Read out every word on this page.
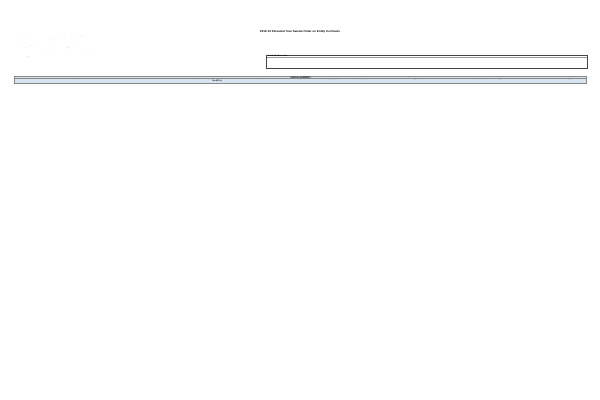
2012-13 Financial Year Senate Order on Entity Contracts

This report has been prepared in accordance with the Senate Order for entity contracts (as amended) for the reporting period and lists contracts entered into with a value of $100,000 or more

It includes contracts which were in effect as at the end of the reporting period

Some of the contracts listed contain provisions that are confidential or have been identified as commercially sensitive information

The reasons for confidentiality are listed against each contract in the report

Information regarding the contract is provided in accordance with the Senate Order and entity guidance

Contract values shown are GST inclusive where applicable

These contracts have been listed in accordance with the requirements of the Senate Order (Procurement Connected Policy Guidance)

Estimated cost of complying with this order is $0.00

Confidentiality Reason Codes
(i) Public interest immunity	Disclosure would harm the public interest or national security
(ii) Intellectual property	Disclosure would reveal the contractor's intellectual property or commercial-in-confidence terms
(iii) Commercial information	Disclosure would reveal commercially sensitive pricing information
(iv) Privacy and personal information	Disclosure would reveal personal information protected under the Privacy Act
(v) Other reasons	Disclosure would reveal information of a kind that is exempt from publication
(vi) Not applicable	The contract does not contain any confidentiality provisions
FINANCIAL AGREEMENTS
Contractor/Recipient	Contract Number	Currency	Amount/Contract Value (GST inc)
Start Date	Anticipated End Date	Does the contract contain provisions requiring the parties to maintain confidentiality of any of its provisions	Reason(s)	Are any other provisions of the contract regarded as confidential	Reason(s)
ABORIGINAL & ISLANDER SUPPORT PTY LTD	FA - Indig Land Fund Provision	$	3,212,314.00	01/07/2012	30/06/2016	No	No
TORRES STRAIT REGIONAL AUTHORITY	FA - Indig Land Fund Provision	$	791,223.45	01/07/2012	30/06/2015	No	No
WESTERN LAND COUNCIL	FA - Indig Land Fund Provision	$	540,911.00	01/08/2012	31/12/2013	No	No
KIMBERLEY LAND COUNCIL	FA - Indig Land Fund Provision	$	430,500.00	15/08/2012	30/06/2013	No	No
NGAANYATJARRA ABORIGINAL CORPORATION	FA - Indig Land Fund Provision	$	395,800.00	01/09/2012	30/06/2014	No	No
ABORIGINAL AND TORRES STRAIT ISLANDER CORPORATION LIMITED	FA - Indig Land Fund Provision	$	350,000.00	01/09/2012	31/12/2013	No	No
YAWURU NATIVE TITLE HOLDERS CORPORATION	FA - Indig Land Fund Provision	$	320,100.00	01/10/2012	30/06/2014	No	No
BUNURONG LAND COUNCIL ABORIGINAL CORPORATION	Aboriginal Land Fund Provision	$	300,000.00	01/10/2012	30/06/2013	No	No
ISLAND COMMUNITY ASSOCIATION INC	FA - Indig Land Fund Provision	$	285,400.00	15/10/2012	31/12/2013	No	No
REEF AMERICAN HUB HOLDINGS PTY LTD	FA - Indig Land Fund Provision	$	270,000.00	01/11/2012	30/06/2014	No	No
THE BARKELY LAND PROGRAM CORPORATION	FA - Indig Land Fund Provision	$	255,750.00	01/11/2012	30/06/2013	No	No
TIWI ISLANDS REGIONAL COUNCIL	FA - Indig Land Fund Provision	$	240,000.00	15/11/2012	31/12/2013	No	No
YOLNGU PTY LTD	FA - Indig Land Fund Provision	$	230,600.00	01/12/2012	30/06/2014	No	No
CAPE YORK DEVELOPMENT CORPORATION	FA - Indig Land Fund Provision	$	218,400.00	01/12/2012	30/06/2013	No	No
NGARRINDJERI REGIONAL AUTHORITY INC	FA - Indig Land Fund Provision	$	205,000.00	15/12/2012	31/12/2013	No	No
GOLDFIELDS LAND AND SEA COUNCIL	FA - Indig Land Fund Provision	$	198,250.00	07/01/2013	30/06/2014	No	No
GUNDITJ MIRRING TRADITIONAL OWNERS ABORIGINAL CORPORATION	FA - Indig Land Fund Provision	$	190,000.00	07/01/2013	30/06/2013	No	No
NORTH QUEENSLAND LAND COUNCIL	FA - Indig Land Fund Provision	$	185,300.00	14/01/2013	31/12/2013	No	No
MURRAY LOWER DARLING RIVERS INDIGENOUS NATIONS	FA - Indig Land Fund Provision	$	178,900.00	21/01/2013	30/06/2014	No	No
WUNAMBAL GAAMBERA ABORIGINAL CORPORATION	FA - Indig Land Fund Provision	$	172,000.00	01/02/2013	30/06/2013	No	No
QUEENSLAND SOUTH NATIVE TITLE SERVICES	FA - Indig Land Fund Provision	$	165,750.00	01/02/2013	31/12/2013	No	No
ARNHEM LAND PROGRESS ABORIGINAL CORPORATION	FA - Indig Land Fund Provision	$	160,000.00	11/02/2013	30/06/2014	No	No
CENTRAL LAND COUNCIL	FA - Indig Land Fund Provision	$	155,200.00	18/02/2013	30/06/2013	No	No
NORTHERN LAND COUNCIL	FA - Indig Land Fund Provision	$	150,000.00	25/02/2013	31/12/2013	No	No
YAMATJI MARLPA ABORIGINAL CORPORATION	FA - Indig Land Fund Provision	$	146,800.00	04/03/2013	30/06/2014	No	No
SOUTH WEST ABORIGINAL LAND AND SEA COUNCIL	FA - Indig Land Fund Provision	$	142,500.00	04/03/2013	30/06/2013	No	No
NTSCORP LIMITED	FA - Indig Land Fund Provision	$	138,000.00	11/03/2013	31/12/2013	No	No
NATIVE TITLE SERVICES VICTORIA LIMITED	FA - Indig Land Fund Provision	$	134,650.00	18/03/2013	30/06/2014	No	No
TORRES STRAIT ISLAND REGIONAL COUNCIL	FA - Indig Land Fund Provision	$	130,000.00	25/03/2013	30/06/2013	No	No
ABORIGINAL LEGAL RIGHTS MOVEMENT INC	FA - Indig Land Fund Provision	$	127,300.00	02/04/2013	31/12/2013	No	No
CARPENTARIA LAND COUNCIL ABORIGINAL CORPORATION	FA - Indig Land Fund Provision	$	124,000.00	08/04/2013	30/06/2014	No	No
NYAMBA BURU YAWURU LIMITED	FA - Indig Land Fund Provision	$	121,450.00	15/04/2013	30/06/2013	No	No
WANGKA MAYA PILBARA ABORIGINAL LANGUAGE CENTRE	FA - Indig Land Fund Provision	$	118,000.00	22/04/2013	31/12/2013	No	No
BALKANU CAPE YORK DEVELOPMENT CORPORATION	FA - Indig Land Fund Provision	$	115,600.00	29/04/2013	30/06/2014	No	No
THE TRUSTEE FOR THE YAWURU PBC TRUST	FA - Indig Land Fund Provision	$	112,900.00	06/05/2013	30/06/2013	No	No
MIRIUWUNG GAJERRONG CORPORATION	FA - Indig Land Fund Provision	$	110,000.00	13/05/2013	31/12/2013	No	No
BARDI JAWI NIIMIDIMAN ABORIGINAL CORPORATION	FA - Indig Land Fund Provision	$	108,250.00	20/05/2013	30/06/2014	No	No
DHIMURRU ABORIGINAL CORPORATION	FA - Indig Land Fund Provision	$	106,400.00	27/05/2013	30/06/2013	No	No
ANINDILYAKWA LAND COUNCIL	FA - Indig Land Fund Provision	$	105,000.00	03/06/2013	31/12/2013	No	No
WARLPIRI EDUCATION AND TRAINING TRUST	FA - Indig Land Fund Provision	$	103,800.00	10/06/2013	30/06/2014	No	No
KURA YERLO INCORPORATED	FA - Indig Land Fund Provision	$	102,600.00	17/06/2013	30/06/2013	No	No
MARDU PTY LTD	FA - Indig Land Fund Provision	$	101,900.00	17/06/2013	31/12/2013	No	No
NGAANYATJARRA PITJANTJATJARA YANKUNYTJATJARA WOMEN'S COUNCIL	FA - Indig Land Fund Provision	$	101,250.00	24/06/2013	30/06/2014	No	No
ABORIGINAL HOSTELS LIMITED	FA - Indig Land Fund Provision	$	100,800.00	24/06/2013	30/06/2013	No	No
INDIGENOUS BUSINESS AUSTRALIA	FA - Indig Land Fund Provision	$	100,500.00	25/06/2013	31/12/2013	No	No
COUNCIL FOR ABORIGINAL RECONCILIATION FOUNDATION	FA - Indig Land Fund Provision	$	100,300.00	26/06/2013	30/06/2014	No	No
YORTA YORTA NATION ABORIGINAL CORPORATION	FA - Indig Land Fund Provision	$	100,200.00	27/06/2013	30/06/2013	No	No
WURUNDJERI TRIBE LAND AND COMPENSATION CULTURAL HERITAGE COUNCIL	FA - Indig Land Fund Provision	$	100,100.00	28/06/2013	31/12/2013	No	No
GURANG LAND COUNCIL ABORIGINAL CORPORATION	FA - Indig Land Fund Provision	$	100,000.00	28/06/2013	30/06/2014	No	No
ANANGU PITJANTJATJARA YANKUNYTJATJARA	FA - Indig Land Fund Provision	$	100,000.00	28/06/2013	30/06/2013	No	No
FIRST PEOPLES DISABILITY NETWORK	FA - Indig Land Fund Provision	$	100,000.00	29/06/2013	31/12/2013	No	No
KARADJERI TRADITIONAL LANDS ASSOCIATION	FA - Indig Land Fund Provision	$	100,000.00	29/06/2013	30/06/2014	No	No
BUNDJALUNG OF BYRON BAY ABORIGINAL CORPORATION	FA - Indig Land Fund Provision	$	100,000.00	29/06/2013	30/06/2013	No	No
DJABUGAY NATIVE TITLE ABORIGINAL CORPORATION	FA - Indig Land Fund Provision	$	100,000.00	30/06/2013	31/12/2013	No	No
GIMUY WALUBARA YIDINJI ABORIGINAL CORPORATION	FA - Indig Land Fund Provision	$	100,000.00	30/06/2013	30/06/2014	No	No
KULLILLI BULLOO RIVER ABORIGINAL CORPORATION	FA - Indig Land Fund Provision	$	100,000.00	30/06/2013	30/06/2013	No	No
MALGANA ABORIGINAL CORPORATION	FA - Indig Land Fund Provision	$	100,000.00	30/06/2013	31/12/2013	No	No
NYANGUMARTA WARRARN ABORIGINAL CORPORATION	FA - Indig Land Fund Provision	$	100,000.00	30/06/2013	30/06/2014	No	No
PALYKU ABORIGINAL CORPORATION	FA - Indig Land Fund Provision	$	100,000.00	30/06/2013	30/06/2013	No	No
RAMINDJERI HERITAGE ASSOCIATION INC	FA - Indig Land Fund Provision	$	100,000.00	30/06/2013	31/12/2013	No	No
THALANYJI PTY LTD	FA - Indig Land Fund Provision	$	100,000.00	30/06/2013	30/06/2014	No	No
UMPILA ABORIGINAL CORPORATION	FA - Indig Land Fund Provision	$	100,000.00	30/06/2013	30/06/2013	No	No
WADJAREE NATIVE TITLE ABORIGINAL CORPORATION	FA - Indig Land Fund Provision	$	100,000.00	30/06/2013	31/12/2013	No	No
YINHAWANGKA ABORIGINAL CORPORATION	FA - Indig Land Fund Provision	$	100,000.00	30/06/2013	30/06/2014	No	No
YUGGERA UGARAPUL PEOPLE ABORIGINAL CORPORATION	FA - Indig Land Fund Provision	$	100,000.00	30/06/2013	30/06/2013	No	No
WIRADJURI CONDOBOLIN CORPORATION LIMITED	FA - Indig Land Fund Provision	$	100,000.00	30/06/2013	31/12/2013	No	No
WAMBA WAMBA TRADITIONAL OWNERS ABORIGINAL CORPORATION	FA - Indig Land Fund Provision	$	100,000.00	30/06/2013	30/06/2014	No	No
TJURABALAN NATIVE TITLE LAND ABORIGINAL CORPORATION	FA - Indig Land Fund Provision	$	100,000.00	30/06/2013	30/06/2013	No	No
SPINIFEX LAND AND COMMUNITY ABORIGINAL CORPORATION	FA - Indig Land Fund Provision	$	100,000.00	30/06/2013	31/12/2013	No	No
QUANDAMOOKA YOOLOOBURRABEE ABORIGINAL CORPORATION	FA - Indig Land Fund Provision	$	100,000.00	30/06/2013	30/06/2014	No	No
PORT MACQUARIE LOCAL ABORIGINAL LAND COUNCIL	FA - Indig Land Fund Provision	$	100,000.00	30/06/2013	30/06/2013	No	No
NORFORCE ABORIGINAL CORPORATION	FA - Indig Land Fund Provision	$	100,000.00	30/06/2013	31/12/2013	No	No
MARRA WORRA WORRA ABORIGINAL CORPORATION	FA - Indig Land Fund Provision	$	100,000.00	30/06/2013	30/06/2014	No	No
LIMMEN BIGHT ABORIGINAL CORPORATION	FA - Indig Land Fund Provision	$	100,000.00	30/06/2013	30/06/2013	No	No
KIMBERLEY ABORIGINAL CARING FOR COUNTRY PLAN ORG	FA - Indig Land Fund Provision	$	100,000.00	30/06/2013	31/12/2013	No	No
JAWOYN ASSOCIATION ABORIGINAL CORPORATION	FA - Indig Land Fund Provision	$	100,000.00	30/06/2013	30/06/2014	No	No
GANGGALIDA AND GARAWA NATIVE TITLE CORPORATION	FA - Indig Land Fund Provision	$	100,000.00	30/06/2013	30/06/2013	No	No
DJARRU ABORIGINAL CORPORATION	FA - Indig Land Fund Provision	$	100,000.00	30/06/2013	31/12/2013	No	No
BIRRIAH ABORIGINAL CORPORATION	FA - Indig Land Fund Provision	$	100,000.00	30/06/2013	30/06/2014	No	No
ARABUNNA ABORIGINAL CORPORATION	FA - Indig Land Fund Provision	$	100,000.00	30/06/2013	30/06/2013	No	No
ADNYAMATHANHA TRADITIONAL LANDS ASSOCIATION	FA - Indig Land Fund Provision	$	100,000.00	30/06/2013	31/12/2013	No	No
ALYAWARR AND KAYTETYE ABORIGINAL CORPORATION	FA - Indig Land Fund Provision	$	100,000.00	30/06/2013	30/06/2014	No	No
BARKINDJI NATIVE TITLE GROUP ABORIGINAL CORPORATION	FA - Indig Land Fund Provision	$	100,000.00	30/06/2013	30/06/2013	No	No
GAWAR ABORIGINAL CORPORATION	FA - Indig Land Fund Provision	$	100,000.00	30/06/2013	31/12/2013	No	No
KOKO BERA ABORIGINAL CORPORATION	FA - Indig Land Fund Provision	$	100,000.00	30/06/2013	30/06/2014	No	No
NGARLUMA ABORIGINAL CORPORATION	FA - Indig Land Fund Provision	$	100,000.00	30/06/2013	30/06/2013	No	No
PUUTU KUNTI KURRAMA AND PINIKURA ABORIGINAL CORPORATION	FA - Indig Land Fund Provision	$	100,000.00	30/06/2013	31/12/2013	No	No
WILINGGIN ABORIGINAL CORPORATION	FA - Indig Land Fund Provision	$	100,000.00	30/06/2013	30/06/2014	No	No
WULGURUKABA ABORIGINAL CORPORATION	FA - Indig Land Fund Provision	$	100,000.00	30/06/2013	30/06/2013	No	No
YIRRGANYDJI ABORIGINAL CORPORATION	FA - Indig Land Fund Provision	$	100,000.00	30/06/2013	31/12/2013	No	No
BANJIMA NATIVE TITLE ABORIGINAL CORPORATION	FA - Indig Land Fund Provision	$	100,000.00	30/06/2013	30/06/2014	No	No
INJINOO ABORIGINAL CORPORATION	FA - Indig Land Fund Provision	$	100,000.00	30/06/2013	30/06/2013	No	No
JABIRR JABIRR ABORIGINAL CORPORATION	FA - Indig Land Fund Provision	$	100,000.00	30/06/2013	31/12/2013	No	No
KALKADOON NATIVE TITLE ABORIGINAL CORPORATION	FA - Indig Land Fund Provision	$	100,000.00	30/06/2013	30/06/2014	No	No
MITHAKA ABORIGINAL CORPORATION	FA - Indig Land Fund Provision	$	100,000.00	30/06/2013	30/06/2013	No	No
WARRIYANGKA ABORIGINAL CORPORATION	FA - Indig Land Fund Provision	$	100,000.00	30/06/2013	31/12/2013	No	No
YAMATJI LAND AND SEA COUNCIL INC	FA - Indig Land Fund Provision	$	100,000.00	30/06/2013	30/06/2014	No	No
BIDJARA ABORIGINAL CORPORATION	FA - Indig Land Fund Provision	$	100,000.00	30/06/2013	30/06/2013	No	No
DARUG ABORIGINAL LAND COUNCIL	FA - Indig Land Fund Provision	$	100,000.00	30/06/2013	31/12/2013	No	No
EASTERN KUKU YALANJI ABORIGINAL CORPORATION	FA - Indig Land Fund Provision	$	100,000.00	30/06/2013	30/06/2014	No	No
GOLD COAST NATIVE TITLE GROUP ABORIGINAL CORPORATION	FA - Indig Land Fund Provision	$	100,000.00	30/06/2013	30/06/2013	No	No
IMINTJI ABORIGINAL CORPORATION	FA - Indig Land Fund Provision	$	100,000.00	30/06/2013	31/12/2013	No	No
JIDI JIDI ABORIGINAL CORPORATION	FA - Indig Land Fund Provision	$	100,000.00	30/06/2013	30/06/2014	No	No
KAURNA YERTA ABORIGINAL CORPORATION	FA - Indig Land Fund Provision	$	100,000.00	30/06/2013	30/06/2013	No	No
LARRAKIA NATION ABORIGINAL CORPORATION	FA - Indig Land Fund Provision	$	100,000.00	30/06/2013	31/12/2013	No	No
MADJULLA ASSOCIATION INCORPORATED	FA - Indig Land Fund Provision	$	100,000.00	30/06/2013	30/06/2014	No	No
NANDA ABORIGINAL CORPORATION	FA - Indig Land Fund Provision	$	100,000.00	30/06/2013	30/06/2013	No	No
WAKKA WAKKA NATIVE TITLE GROUP ABORIGINAL CORPORATION	FA - Indig Land Fund Provision	$	100,000.00	30/06/2013	31/12/2013	No	No
YANDRUWANDHA YAWARRAWARRKA TRADITIONAL LAND OWNERS	FA - Indig Land Fund Provision	$	100,000.00	30/06/2013	30/06/2014	No	No
YUNKUNJINI ABORIGINAL CORPORATION	FA - Indig Land Fund Provision	$	100,000.00	30/06/2013	30/06/2013	No	No
